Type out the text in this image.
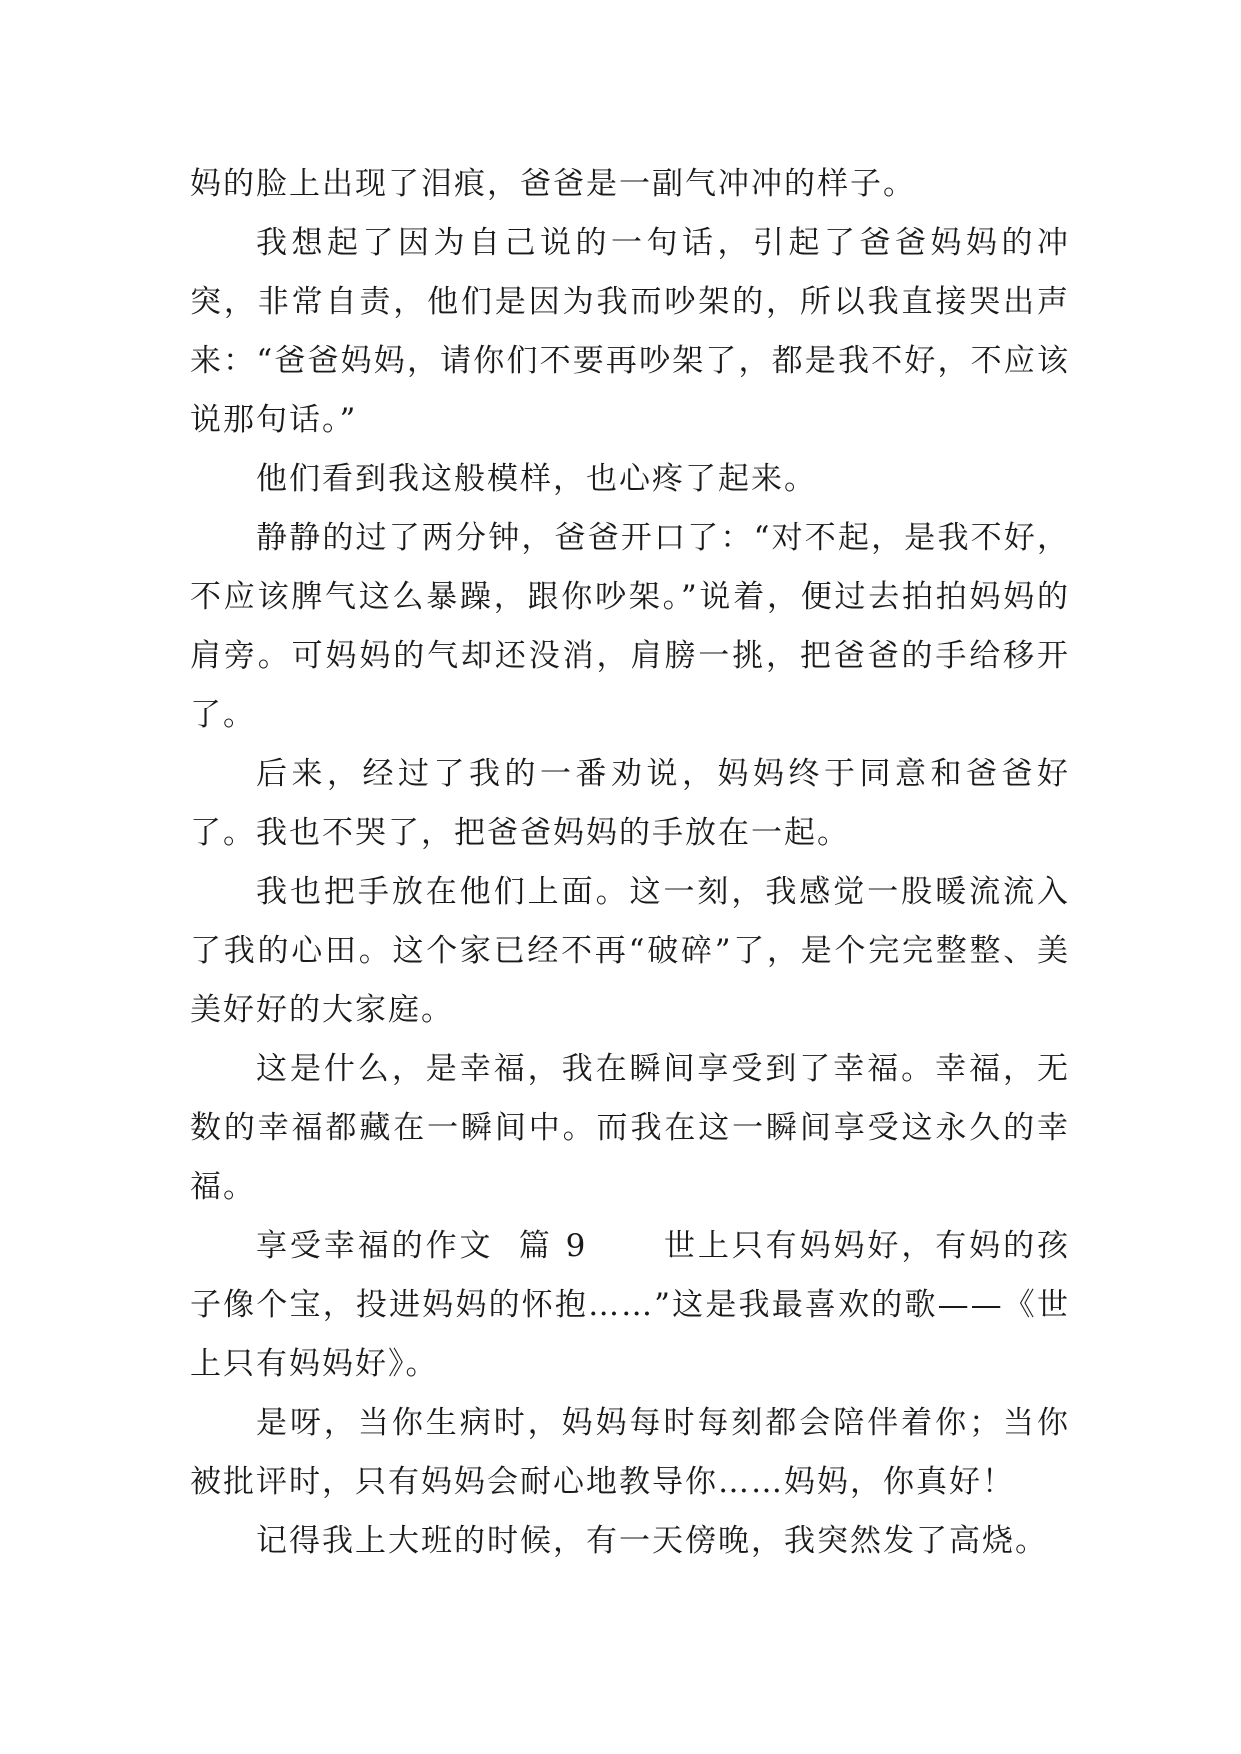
妈的脸上出现了泪痕，爸爸是一副气冲冲的样子。

我想起了因为自己说的一句话，引起了爸爸妈妈的冲突，非常自责，他们是因为我而吵架的，所以我直接哭出声来：“爸爸妈妈，请你们不要再吵架了，都是我不好，不应该说那句话。”

他们看到我这般模样，也心疼了起来。

静静的过了两分钟，爸爸开口了：“对不起，是我不好，不应该脾气这么暴躁，跟你吵架。”说着，便过去拍拍妈妈的肩旁。可妈妈的气却还没消，肩膀一挑，把爸爸的手给移开了。

后来，经过了我的一番劝说，妈妈终于同意和爸爸好了。我也不哭了，把爸爸妈妈的手放在一起。

我也把手放在他们上面。这一刻，我感觉一股暖流流入了我的心田。这个家已经不再“破碎”了，是个完完整整、美美好好的大家庭。

这是什么，是幸福，我在瞬间享受到了幸福。幸福，无数的幸福都藏在一瞬间中。而我在这一瞬间享受这永久的幸福。

享受幸福的作文  篇 9      世上只有妈妈好，有妈的孩子像个宝，投进妈妈的怀抱……”这是我最喜欢的歌——《世上只有妈妈好》。

是呀，当你生病时，妈妈每时每刻都会陪伴着你；当你被批评时，只有妈妈会耐心地教导你……妈妈，你真好！

记得我上大班的时候，有一天傍晚，我突然发了高烧。
